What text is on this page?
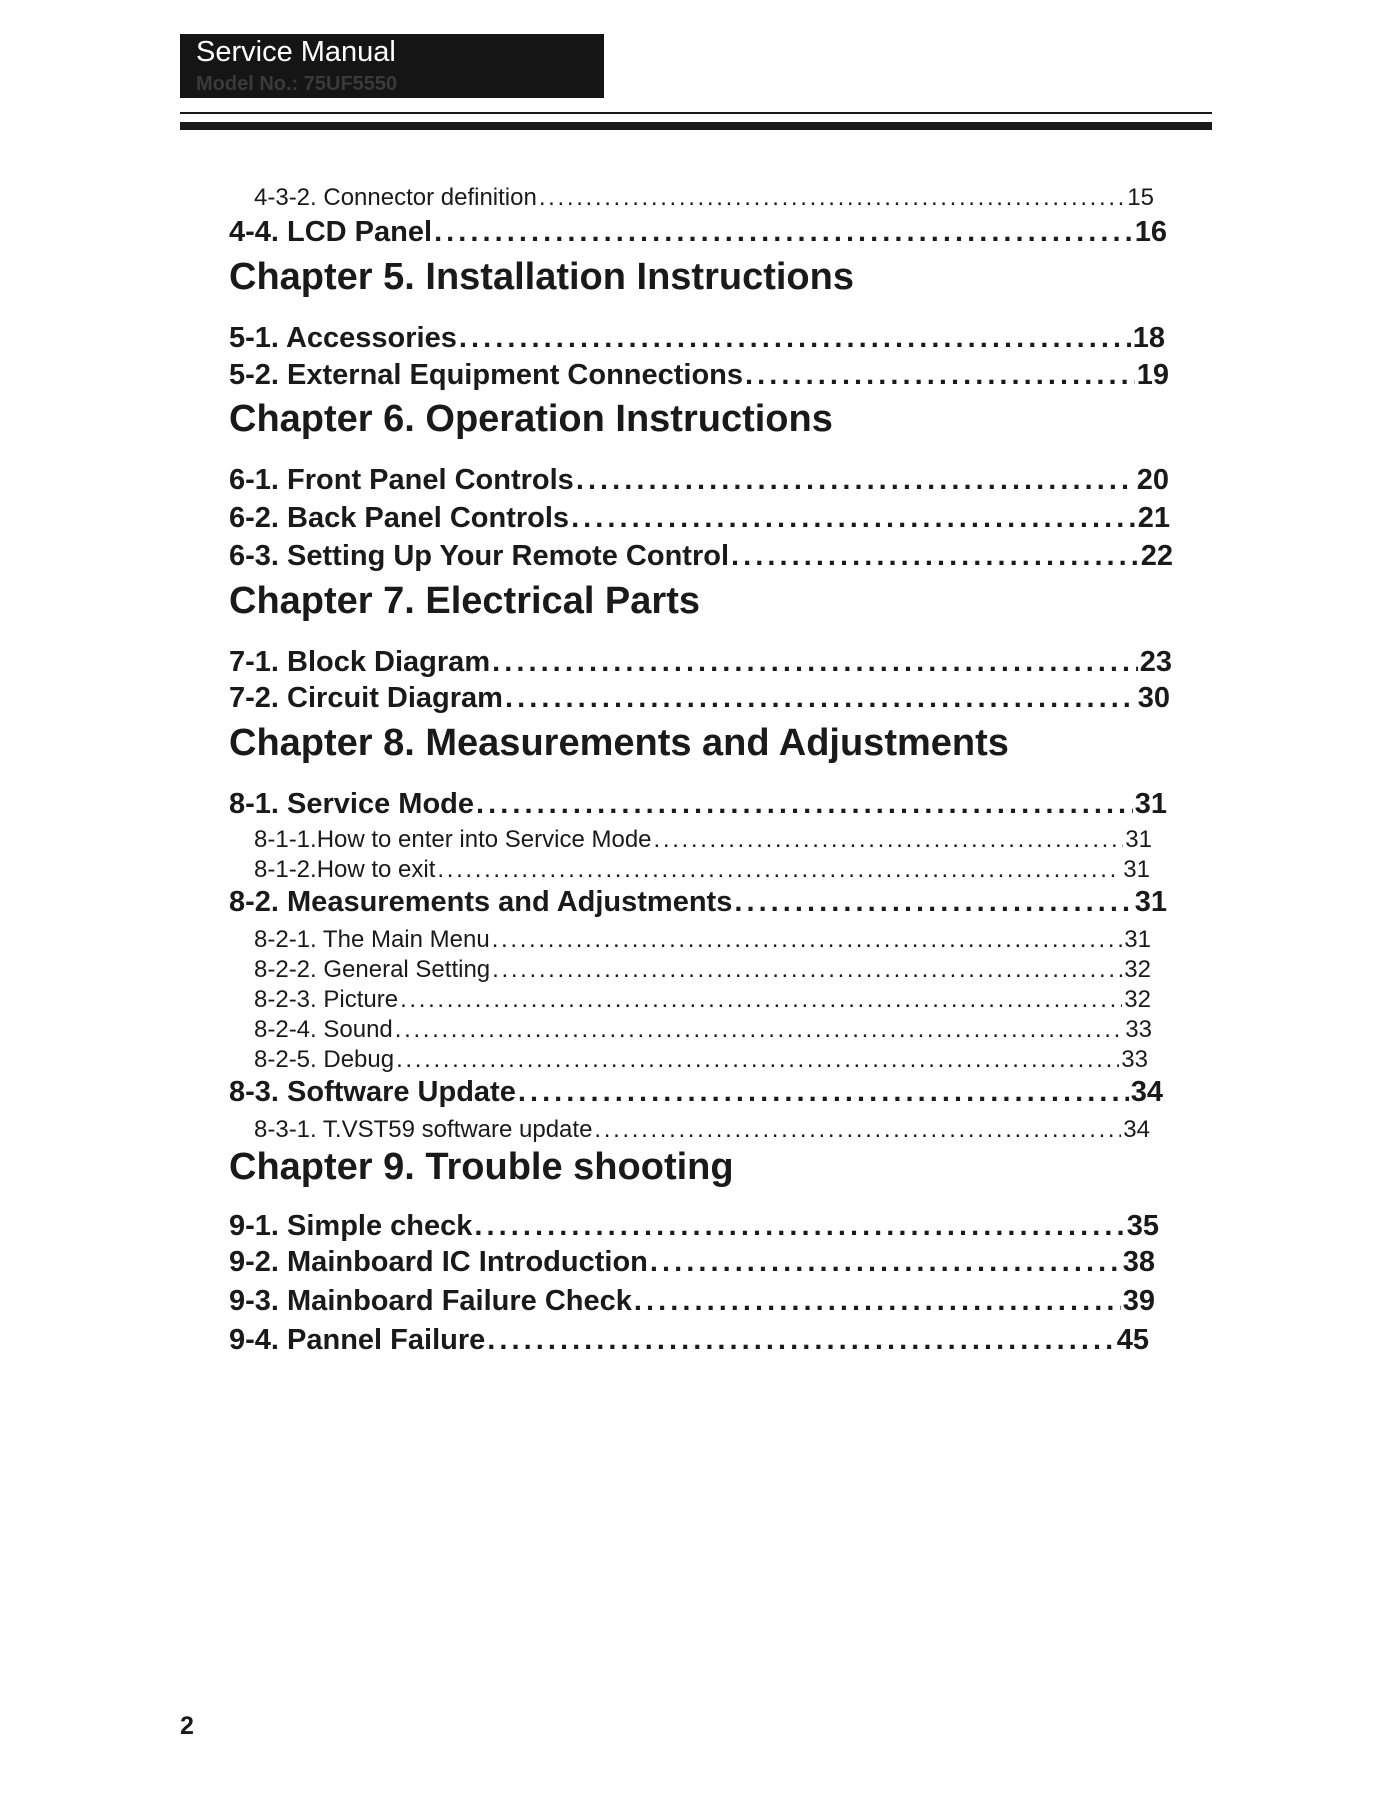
Service Manual
Model No.: 75UF5550
4-3-2. Connector definition . . .	15
4-4. LCD Panel . . .	16
Chapter 5. Installation Instructions
5-1. Accessories . . .	18
5-2. External Equipment Connections . . .	19
Chapter 6. Operation Instructions
6-1. Front Panel Controls . . .	20
6-2. Back Panel Controls . . .	21
6-3. Setting Up Your Remote Control . . .	22
Chapter 7. Electrical Parts
7-1. Block Diagram . . .	23
7-2. Circuit Diagram . . .	30
Chapter 8. Measurements and Adjustments
8-1. Service Mode . . .	31
8-1-1.How to enter into Service Mode . . .	31
8-1-2.How to exit . . .	31
8-2. Measurements and Adjustments . . .	31
8-2-1. The Main Menu . . .	31
8-2-2. General Setting . . .	32
8-2-3. Picture . . .	32
8-2-4. Sound . . .	33
8-2-5. Debug . . .	33
8-3. Software Update . . .	34
8-3-1. T.VST59 software update . . .	34
Chapter 9. Trouble shooting
9-1. Simple check . . .	35
9-2. Mainboard IC Introduction . . .	38
9-3. Mainboard Failure Check . . .	39
9-4. Pannel Failure . . .	45
2
